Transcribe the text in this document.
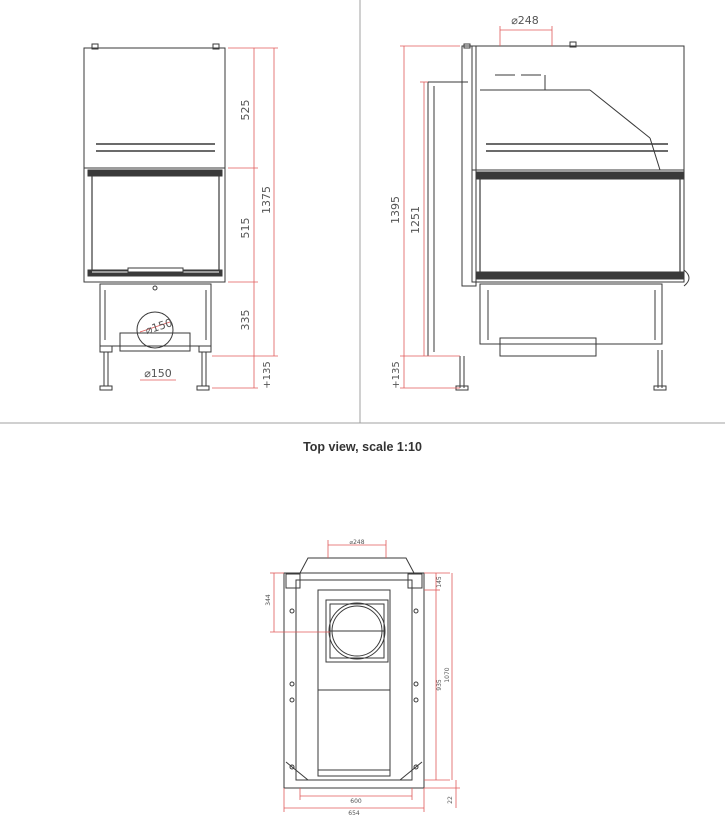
525
515
335
1375
+135
⌀150
⌀150
⌀248
1395 1251
+135
⌀248
344
145
935
1070
600
654
22
Top view, scale 1:10
